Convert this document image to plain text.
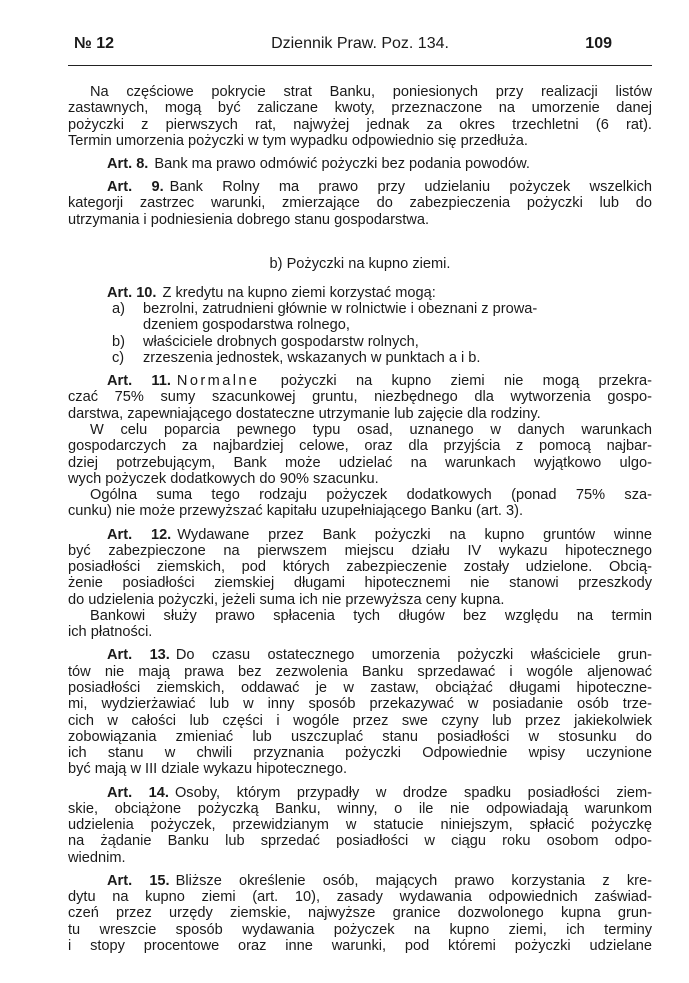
№ 12	Dziennik Praw. Poz. 134.	109
Na częściowe pokrycie strat Banku, poniesionych przy realizacji listów
zastawnych, mogą być zaliczane kwoty, przeznaczone na umorzenie danej
pożyczki z pierwszych rat, najwyżej jednak za okres trzechletni (6 rat).
Termin umorzenia pożyczki w tym wypadku odpowiednio się przedłuża.
Art. 8. Bank ma prawo odmówić pożyczki bez podania powodów.
Art. 9. Bank Rolny ma prawo przy udzielaniu pożyczek wszelkich
kategorji zastrzec warunki, zmierzające do zabezpieczenia pożyczki lub do
utrzymania i podniesienia dobrego stanu gospodarstwa.
b) Pożyczki na kupno ziemi.
Art. 10. Z kredytu na kupno ziemi korzystać mogą:
a) bezrolni, zatrudnieni głównie w rolnictwie i obeznani z prowa-
dzeniem gospodarstwa rolnego,
b) właściciele drobnych gospodarstw rolnych,
c) zrzeszenia jednostek, wskazanych w punktach a i b.
Art. 11. Normalne pożyczki na kupno ziemi nie mogą przekra-
czać 75% sumy szacunkowej gruntu, niezbędnego dla wytworzenia gospo-
darstwa, zapewniającego dostateczne utrzymanie lub zajęcie dla rodziny.
W celu poparcia pewnego typu osad, uznanego w danych warunkach
gospodarczych za najbardziej celowe, oraz dla przyjścia z pomocą najbar-
dziej potrzebującym, Bank może udzielać na warunkach wyjątkowo ulgo-
wych pożyczek dodatkowych do 90% szacunku.
Ogólna suma tego rodzaju pożyczek dodatkowych (ponad 75% sza-
cunku) nie może przewyższać kapitału uzupełniającego Banku (art. 3).
Art. 12. Wydawane przez Bank pożyczki na kupno gruntów winne
być zabezpieczone na pierwszem miejscu działu IV wykazu hipotecznego
posiadłości ziemskich, pod których zabezpieczenie zostały udzielone. Obcią-
żenie posiadłości ziemskiej długami hipotecznemi nie stanowi przeszkody
do udzielenia pożyczki, jeżeli suma ich nie przewyższa ceny kupna.
Bankowi służy prawo spłacenia tych długów bez względu na termin
ich płatności.
Art. 13. Do czasu ostatecznego umorzenia pożyczki właściciele grun-
tów nie mają prawa bez zezwolenia Banku sprzedawać i wogóle aljenować
posiadłości ziemskich, oddawać je w zastaw, obciążać długami hipoteczne-
mi, wydzierżawiać lub w inny sposób przekazywać w posiadanie osób trze-
cich w całości lub części i wogóle przez swe czyny lub przez jakiekolwiek
zobowiązania zmieniać lub uszczuplać stanu posiadłości w stosunku do
ich stanu w chwili przyznania pożyczki Odpowiednie wpisy uczynione
być mają w III dziale wykazu hipotecznego.
Art. 14. Osoby, którym przypadły w drodze spadku posiadłości ziem-
skie, obciążone pożyczką Banku, winny, o ile nie odpowiadają warunkom
udzielenia pożyczek, przewidzianym w statucie niniejszym, spłacić pożyczkę
na żądanie Banku lub sprzedać posiadłości w ciągu roku osobom odpo-
wiednim.
Art. 15. Bliższe określenie osób, mających prawo korzystania z kre-
dytu na kupno ziemi (art. 10), zasady wydawania odpowiednich zaświad-
czeń przez urzędy ziemskie, najwyższe granice dozwolonego kupna grun-
tu wreszcie sposób wydawania pożyczek na kupno ziemi, ich terminy
i stopy procentowe oraz inne warunki, pod któremi pożyczki udzielane
